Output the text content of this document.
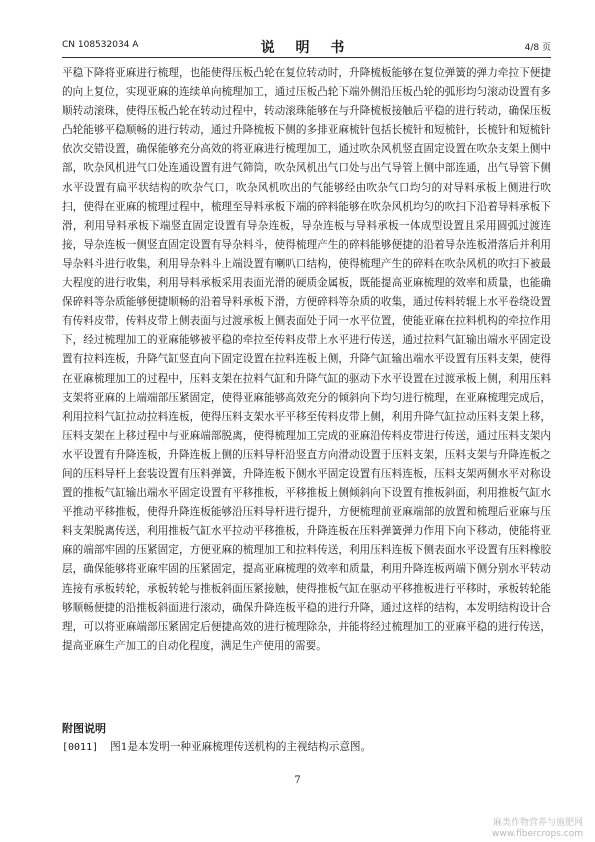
CN 108532034 A	说 明 书	4/8 页

平稳下降将亚麻进行梳理，也能使得压板凸轮在复位转动时，升降梳板能够在复位弹簧的弹力牵拉下便捷的向上复位，实现亚麻的连续单向梳理加工，通过压板凸轮下端外侧沿压板凸轮的弧形均匀滚动设置有多顺转动滚珠，使得压板凸轮在转动过程中，转动滚珠能够在与升降梳板接触后平稳的进行转动，确保压板凸轮能够平稳顺畅的进行转动，通过升降梳板下侧的多排亚麻梳针包括长梳针和短梳针，长梳针和短梳针依次交错设置，确保能够充分高效的将亚麻进行梳理加工，通过吹杂风机竖直固定设置在吹杂支架上侧中部，吹杂风机进气口处连通设置有进气筛筒，吹杂风机出气口处与出气导管上侧中部连通，出气导管下侧水平设置有扁平状结构的吹杂气口，吹杂风机吹出的气能够经由吹杂气口均匀的对导料承板上侧进行吹扫，使得在亚麻的梳理过程中，梳理至导料承板下端的碎料能够在吹杂风机均匀的吹扫下沿着导料承板下滑，利用导料承板下端竖直固定设置有导杂连板，导杂连板与导料承板一体成型设置且采用圆弧过渡连接，导杂连板一侧竖直固定设置有导杂料斗，使得梳理产生的碎料能够便捷的沿着导杂连板滑落后并利用导杂料斗进行收集，利用导杂料斗上端设置有喇叭口结构，使得梳理产生的碎料在吹杂风机的吹扫下被最大程度的进行收集，利用导料承板采用表面光滑的硬质金属板，既能提高亚麻梳理的效率和质量，也能确保碎料等杂质能够便捷顺畅的沿着导料承板下滑，方便碎料等杂质的收集，通过传料转辊上水平卷绕设置有传料皮带，传料皮带上侧表面与过渡承板上侧表面处于同一水平位置，使能亚麻在拉料机构的牵拉作用下，经过梳理加工的亚麻能够被平稳的牵拉至传料皮带上水平进行传送，通过拉料气缸输出端水平固定设置有拉料连板，升降气缸竖直向下固定设置在拉料连板上侧，升降气缸输出端水平设置有压料支架，使得在亚麻梳理加工的过程中，压料支架在拉料气缸和升降气缸的驱动下水平设置在过渡承板上侧，利用压料支架将亚麻的上端端部压紧固定，使得亚麻能够高效充分的倾斜向下均匀进行梳理，在亚麻梳理完成后，利用拉料气缸拉动拉料连板，使得压料支架水平平移至传料皮带上侧，利用升降气缸拉动压料支架上移，压料支架在上移过程中与亚麻端部脱离，使得梳理加工完成的亚麻沿传料皮带进行传送，通过压料支架内水平设置有升降连板，升降连板上侧的压料导杆沿竖直方向滑动设置于压料支架，压料支架与升降连板之间的压料导杆上套装设置有压料弹簧，升降连板下侧水平固定设置有压料连板，压料支架两侧水平对称设置的推板气缸输出端水平固定设置有平移推板，平移推板上侧倾斜向下设置有推板斜面，利用推板气缸水平推动平移推板，使得升降连板能够沿压料导杆进行提升，方便梳理前亚麻端部的放置和梳理后亚麻与压料支架脱离传送，利用推板气缸水平拉动平移推板，升降连板在压料弹簧弹力作用下向下移动，使能将亚麻的端部牢固的压紧固定，方便亚麻的梳理加工和拉料传送，利用压料连板下侧表面水平设置有压料橡胶层，确保能够将亚麻牢固的压紧固定，提高亚麻梳理的效率和质量，利用升降连板两端下侧分别水平转动连接有承板转轮，承板转轮与推板斜面压紧接触，使得推板气缸在驱动平移推板进行平移时，承板转轮能够顺畅便捷的沿推板斜面进行滚动，确保升降连板平稳的进行升降，通过这样的结构，本发明结构设计合理，可以将亚麻端部压紧固定后便捷高效的进行梳理除杂，并能将经过梳理加工的亚麻平稳的进行传送，提高亚麻生产加工的自动化程度，满足生产使用的需要。

附图说明

[0011] 图1是本发明一种亚麻梳理传送机构的主视结构示意图。

7
麻类作物营养与施肥网
www.fibercrops.com
